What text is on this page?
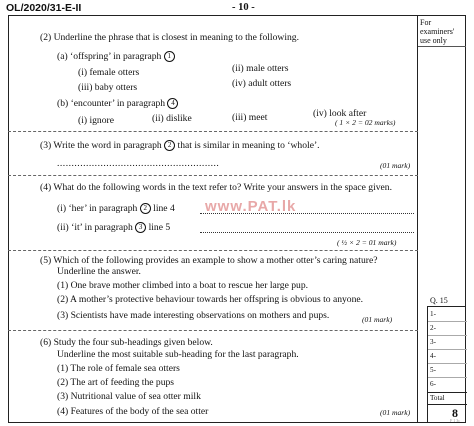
OL/2020/31-E-II	- 10 -
For examiners' use only
(2) Underline the phrase that is closest in meaning to the following.
(a) ‘offspring’ in paragraph 1
(i) female otters	(ii) male otters
(iii) baby otters	(iv) adult otters
(b) ‘encounter’ in paragraph 4
(i) ignore	(ii) dislike	(iii) meet	(iv) look after
( 1 × 2 = 02 marks)
(3) Write the word in paragraph 2 that is similar in meaning to ‘whole’.
........................................................	(01 mark)
(4) What do the following words in the text refer to? Write your answers in the space given.
(i) ‘her’ in paragraph 2 line 4
(ii) ‘it’ in paragraph 3 line 5
( ½ × 2 = 01 mark)
www.PAT.lk
(5) Which of the following provides an example to show a mother otter’s caring nature?
Underline the answer.
(1) One brave mother climbed into a boat to rescue her large pup.
(2) A mother’s protective behaviour towards her offspring is obvious to anyone.
(3) Scientists have made interesting observations on mothers and pups.	(01 mark)
(6) Study the four sub-headings given below.
Underline the most suitable sub-heading for the last paragraph.
(1) The role of female sea otters
(2) The art of feeding the pups
(3) Nutritional value of sea otter milk
(4) Features of the body of the sea otter	(01 mark)
Q. 15
1-
2-
3-
4-
5-
6-
Total
8
F 1 3c
